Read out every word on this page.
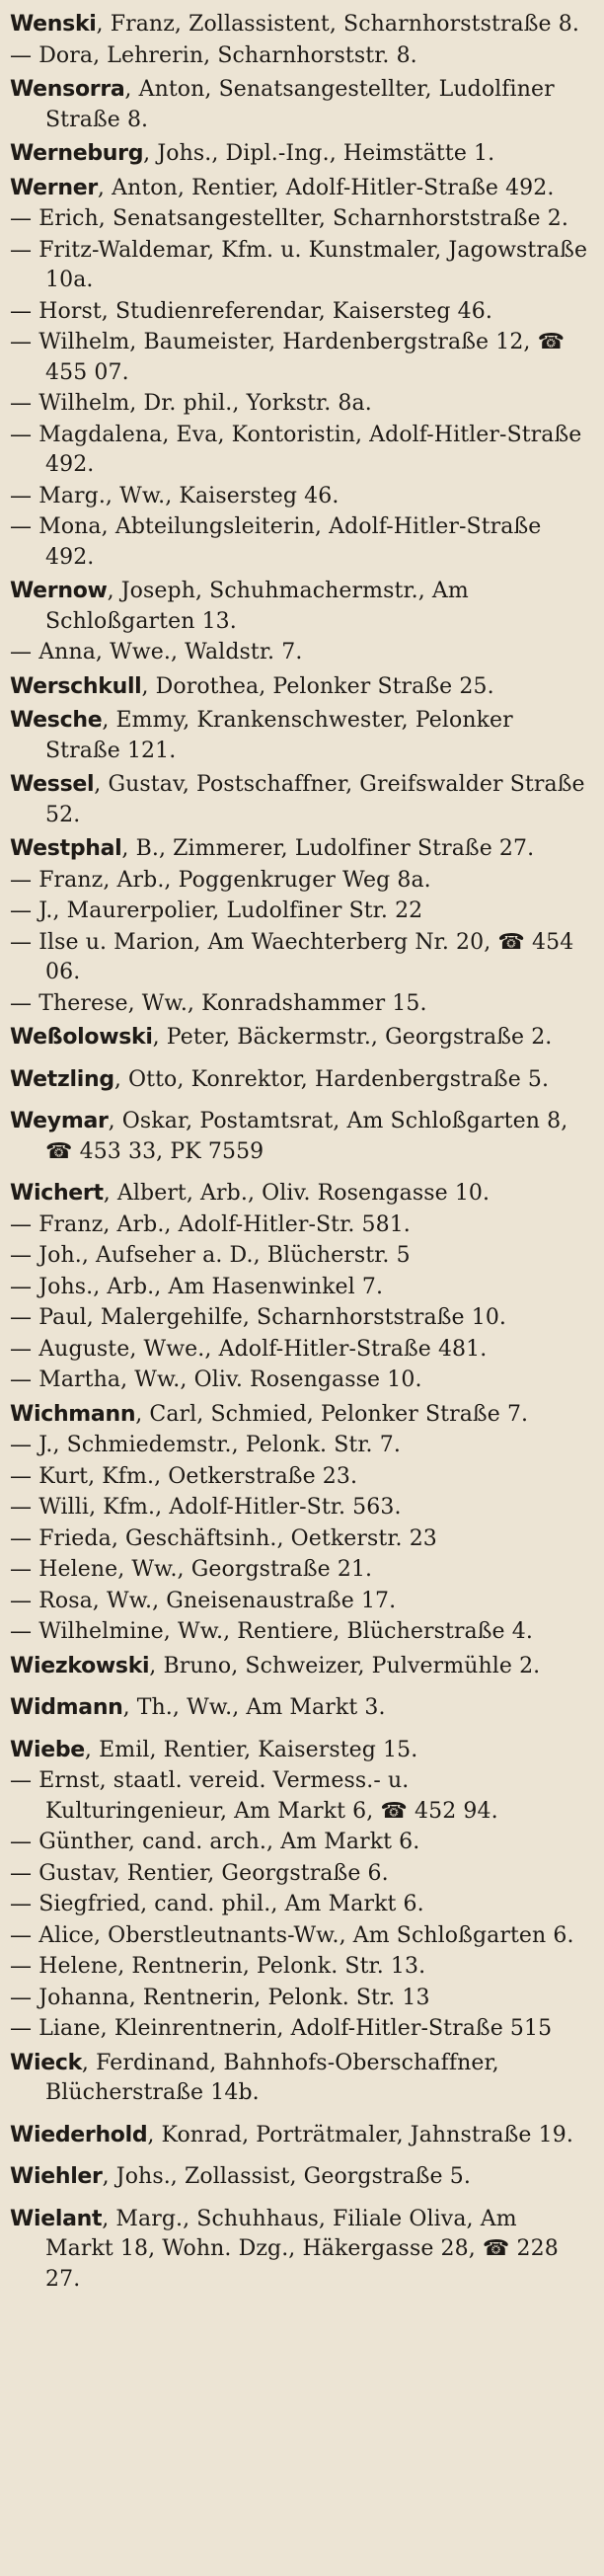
Wenski, Franz, Zollassistent, Scharnhorststraße 8.
— Dora, Lehrerin, Scharnhorststr. 8.
Wensorra, Anton, Senatsangestellter, Ludolfiner Straße 8.
Werneburg, Johs., Dipl.-Ing., Heimstätte 1.
Werner, Anton, Rentier, Adolf-Hitler-Straße 492.
— Erich, Senatsangestellter, Scharnhorststraße 2.
— Fritz-Waldemar, Kfm. u. Kunstmaler, Jagowstraße 10a.
— Horst, Studienreferendar, Kaisersteg 46.
— Wilhelm, Baumeister, Hardenbergstraße 12, ☎ 455 07.
— Wilhelm, Dr. phil., Yorkstr. 8a.
— Magdalena, Eva, Kontoristin, Adolf-Hitler-Straße 492.
— Marg., Ww., Kaisersteg 46.
— Mona, Abteilungsleiterin, Adolf-Hitler-Straße 492.
Wernow, Joseph, Schuhmachermstr., Am Schloßgarten 13.
— Anna, Wwe., Waldstr. 7.
Werschkull, Dorothea, Pelonker Straße 25.
Wesche, Emmy, Krankenschwester, Pelonker Straße 121.
Wessel, Gustav, Postschaffner, Greifswalder Straße 52.
Westphal, B., Zimmerer, Ludolfiner Straße 27.
— Franz, Arb., Poggenkruger Weg 8a.
— J., Maurerpolier, Ludolfiner Str. 22
— Ilse u. Marion, Am Waechterberg Nr. 20, ☎ 454 06.
— Therese, Ww., Konradshammer 15.
Weßolowski, Peter, Bäckermstr., Georgstraße 2.
Wetzling, Otto, Konrektor, Hardenbergstraße 5.
Weymar, Oskar, Postamtsrat, Am Schloßgarten 8, ☎ 453 33, PK 7559
Wichert, Albert, Arb., Oliv. Rosengasse 10.
— Franz, Arb., Adolf-Hitler-Str. 581.
— Joh., Aufseher a. D., Blücherstr. 5
— Johs., Arb., Am Hasenwinkel 7.
— Paul, Malergehilfe, Scharnhorststraße 10.
— Auguste, Wwe., Adolf-Hitler-Straße 481.
— Martha, Ww., Oliv. Rosengasse 10.
Wichmann, Carl, Schmied, Pelonker Straße 7.
— J., Schmiedemstr., Pelonk. Str. 7.
— Kurt, Kfm., Oetkerstraße 23.
— Willi, Kfm., Adolf-Hitler-Str. 563.
— Frieda, Geschäftsinh., Oetkerstr. 23
— Helene, Ww., Georgstraße 21.
— Rosa, Ww., Gneisenaustraße 17.
— Wilhelmine, Ww., Rentiere, Blücherstraße 4.
Wiezkowski, Bruno, Schweizer, Pulvermühle 2.
Widmann, Th., Ww., Am Markt 3.
Wiebe, Emil, Rentier, Kaisersteg 15.
— Ernst, staatl. vereid. Vermess.- u. Kulturingenieur, Am Markt 6, ☎ 452 94.
— Günther, cand. arch., Am Markt 6.
— Gustav, Rentier, Georgstraße 6.
— Siegfried, cand. phil., Am Markt 6.
— Alice, Oberstleutnants-Ww., Am Schloßgarten 6.
— Helene, Rentnerin, Pelonk. Str. 13.
— Johanna, Rentnerin, Pelonk. Str. 13
— Liane, Kleinrentnerin, Adolf-Hitler-Straße 515
Wieck, Ferdinand, Bahnhofs-Oberschaffner, Blücherstraße 14b.
Wiederhold, Konrad, Porträtmaler, Jahnstraße 19.
Wiehler, Johs., Zollassist, Georgstraße 5.
Wielant, Marg., Schuhhaus, Filiale Oliva, Am Markt 18, Wohn. Dzg., Häkergasse 28, ☎ 228 27.
